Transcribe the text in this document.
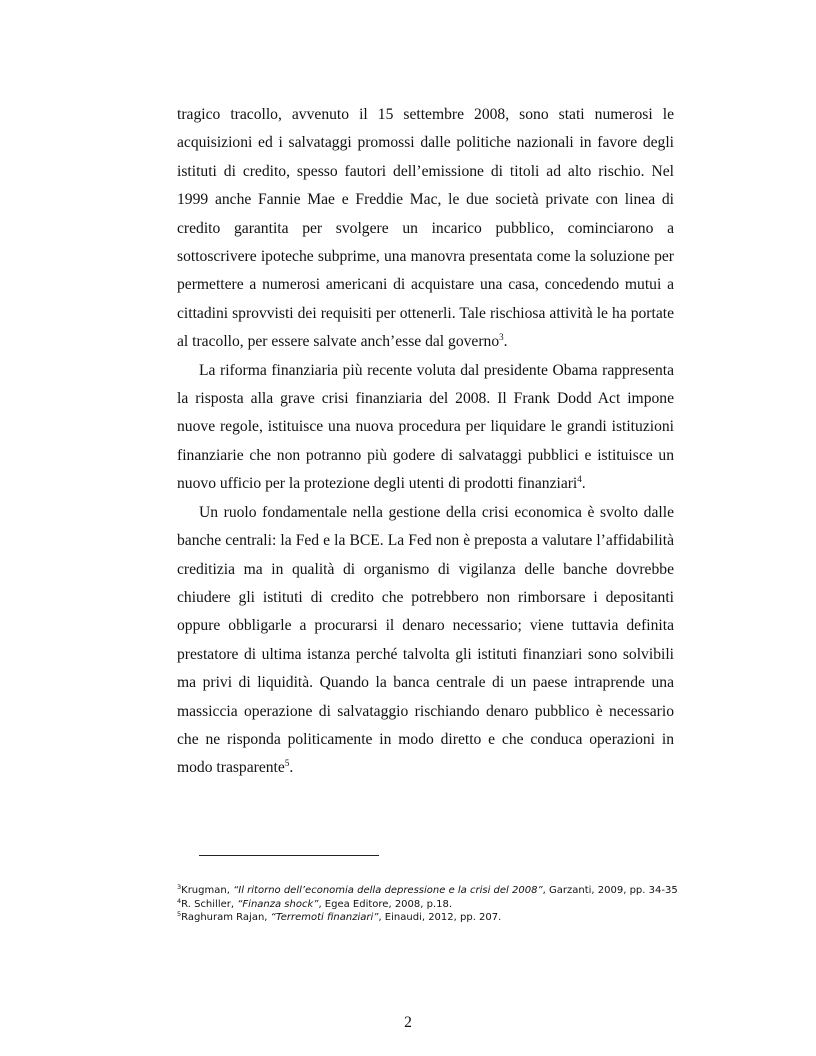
tragico tracollo, avvenuto il 15 settembre 2008, sono stati numerosi le acquisizioni ed i salvataggi promossi dalle politiche nazionali in favore degli istituti di credito, spesso fautori dell’emissione di titoli ad alto rischio. Nel 1999 anche Fannie Mae e Freddie Mac, le due società private con linea di credito garantita per svolgere un incarico pubblico, cominciarono a sottoscrivere ipoteche subprime, una manovra presentata come la soluzione per permettere a numerosi americani di acquistare una casa, concedendo mutui a cittadini sprovvisti dei requisiti per ottenerli. Tale rischiosa attività le ha portate al tracollo, per essere salvate anch’esse dal governo$^3$.

La riforma finanziaria più recente voluta dal presidente Obama rappresenta la risposta alla grave crisi finanziaria del 2008. Il Frank Dodd Act impone nuove regole, istituisce una nuova procedura per liquidare le grandi istituzioni finanziarie che non potranno più godere di salvataggi pubblici e istituisce un nuovo ufficio per la protezione degli utenti di prodotti finanziari$^4$.

Un ruolo fondamentale nella gestione della crisi economica è svolto dalle banche centrali: la Fed e la BCE. La Fed non è preposta a valutare l’affidabilità creditizia ma in qualità di organismo di vigilanza delle banche dovrebbe chiudere gli istituti di credito che potrebbero non rimborsare i depositanti oppure obbligarle a procurarsi il denaro necessario; viene tuttavia definita prestatore di ultima istanza perché talvolta gli istituti finanziari sono solvibili ma privi di liquidità. Quando la banca centrale di un paese intraprende una massiccia operazione di salvataggio rischiando denaro pubblico è necessario che ne risponda politicamente in modo diretto e che conduca operazioni in modo trasparente$^5$.

$^3$Krugman, “Il ritorno dell’economia della depressione e la crisi del 2008”, Garzanti, 2009, pp. 34-35

$^4$R. Schiller, “Finanza shock”, Egea Editore, 2008, p.18.

$^5$Raghuram Rajan, “Terremoti finanziari”, Einaudi, 2012, pp. 207.

2
